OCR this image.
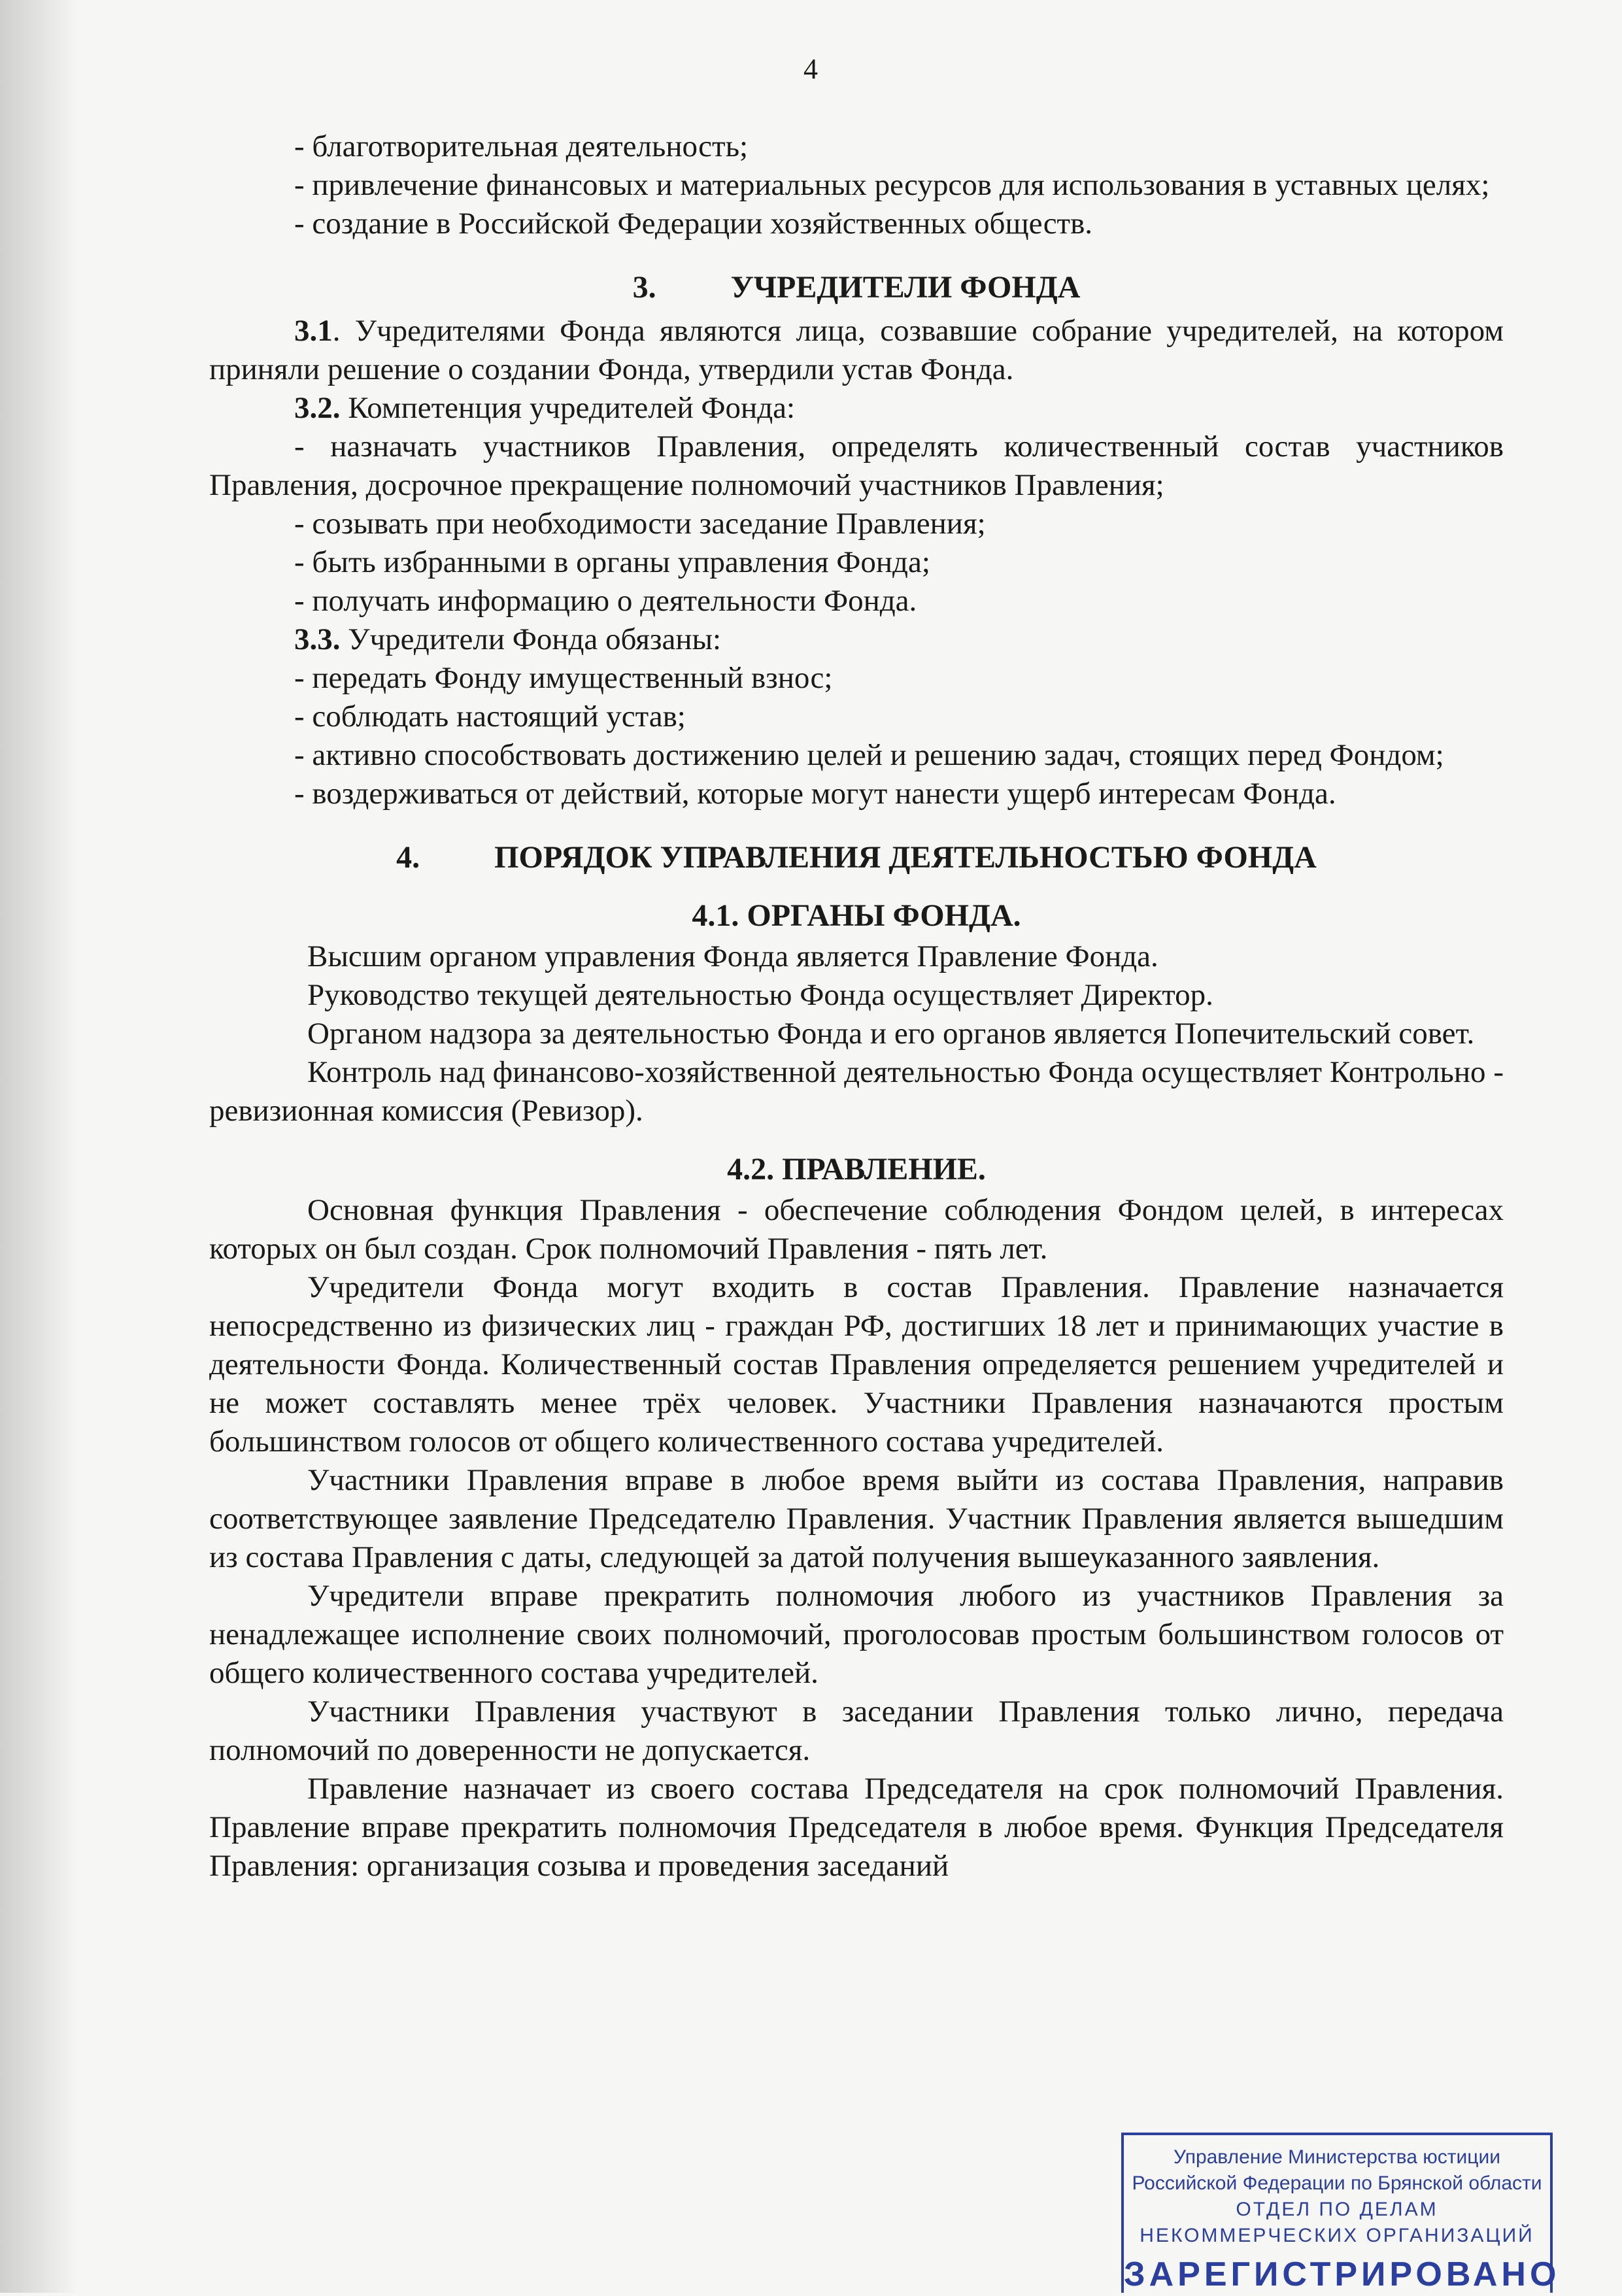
4

- благотворительная деятельность;

- привлечение финансовых и материальных ресурсов для использования в уставных целях;

- создание в Российской Федерации хозяйственных обществ.

3. УЧРЕДИТЕЛИ ФОНДА

3.1. Учредителями Фонда являются лица, созвавшие собрание учредителей, на котором приняли решение о создании Фонда, утвердили устав Фонда.

3.2. Компетенция учредителей Фонда:

- назначать участников Правления, определять количественный состав участников Правления, досрочное прекращение полномочий участников Правления;

- созывать при необходимости заседание Правления;

- быть избранными в органы управления Фонда;

- получать информацию о деятельности Фонда.

3.3. Учредители Фонда обязаны:

- передать Фонду имущественный взнос;

- соблюдать настоящий устав;

- активно способствовать достижению целей и решению задач, стоящих перед Фондом;

- воздерживаться от действий, которые могут нанести ущерб интересам Фонда.

4. ПОРЯДОК УПРАВЛЕНИЯ ДЕЯТЕЛЬНОСТЬЮ ФОНДА
4.1. ОРГАНЫ ФОНДА.

Высшим органом управления Фонда является Правление Фонда.

Руководство текущей деятельностью Фонда осуществляет Директор.

Органом надзора за деятельностью Фонда и его органов является Попечительский совет.

Контроль над финансово-хозяйственной деятельностью Фонда осуществляет Контрольно - ревизионная комиссия (Ревизор).

4.2. ПРАВЛЕНИЕ.

Основная функция Правления - обеспечение соблюдения Фондом целей, в интересах которых он был создан. Срок полномочий Правления - пять лет.

Учредители Фонда могут входить в состав Правления. Правление назначается непосредственно из физических лиц - граждан РФ, достигших 18 лет и принимающих участие в деятельности Фонда. Количественный состав Правления определяется решением учредителей и не может составлять менее трёх человек. Участники Правления назначаются простым большинством голосов от общего количественного состава учредителей.

Участники Правления вправе в любое время выйти из состава Правления, направив соответствующее заявление Председателю Правления. Участник Правления является вышедшим из состава Правления с даты, следующей за датой получения вышеуказанного заявления.

Учредители вправе прекратить полномочия любого из участников Правления за ненадлежащее исполнение своих полномочий, проголосовав простым большинством голосов от общего количественного состава учредителей.

Участники Правления участвуют в заседании Правления только лично, передача полномочий по доверенности не допускается.

Правление назначает из своего состава Председателя на срок полномочий Правления. Правление вправе прекратить полномочия Председателя в любое время. Функция Председателя Правления: организация созыва и проведения заседаний

Управление Министерства юстиции
Российской Федерации по Брянской области
ОТДЕЛ ПО ДЕЛАМ
НЕКОММЕРЧЕСКИХ ОРГАНИЗАЦИЙ
ЗАРЕГИСТРИРОВАНО
